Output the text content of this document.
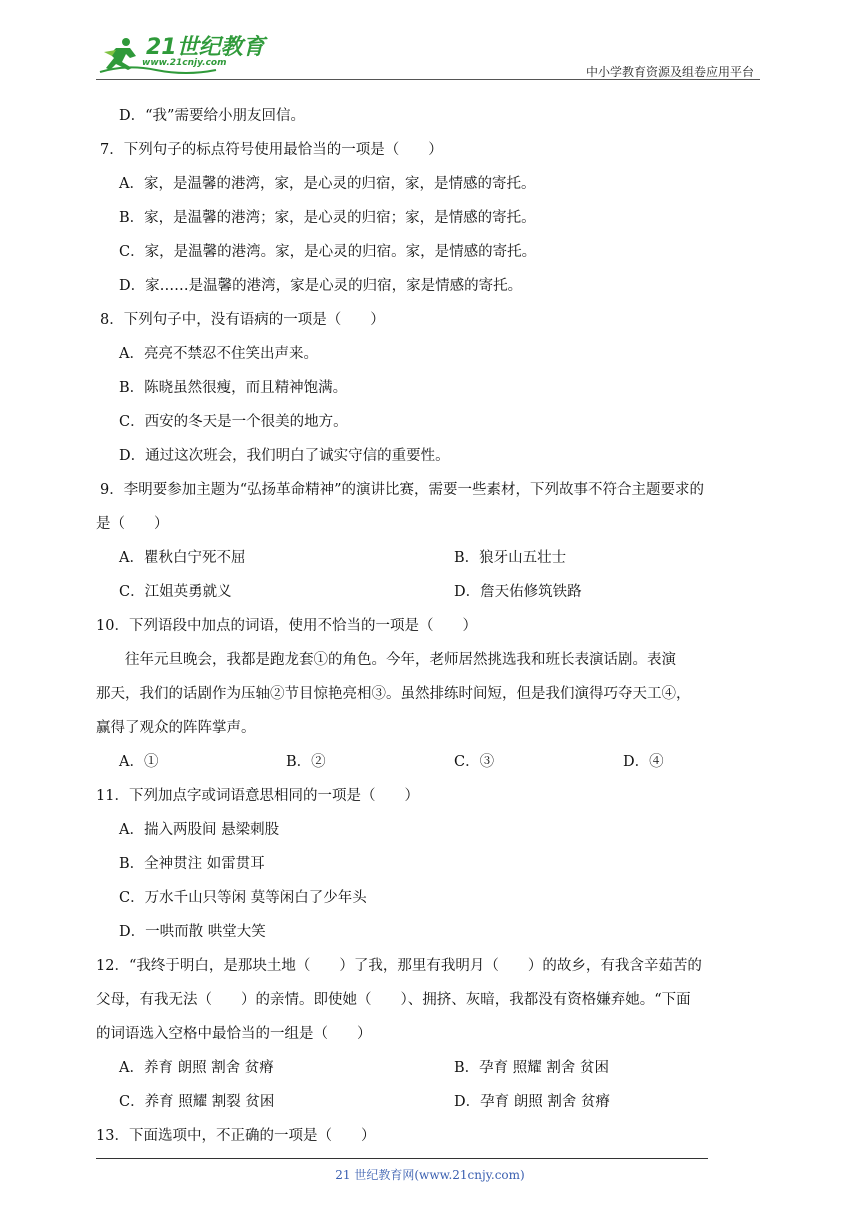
21世纪教育
www.21cnjy.com
中小学教育资源及组卷应用平台
D．“我”需要给小朋友回信。
7．下列句子的标点符号使用最恰当的一项是（　　）
A．家，是温馨的港湾，家，是心灵的归宿，家，是情感的寄托。
B．家，是温馨的港湾；家，是心灵的归宿；家，是情感的寄托。
C．家，是温馨的港湾。家，是心灵的归宿。家，是情感的寄托。
D．家……是温馨的港湾，家是心灵的归宿，家是情感的寄托。
8．下列句子中，没有语病的一项是（　　）
A．亮亮不禁忍不住笑出声来。
B．陈晓虽然很瘦，而且精神饱满。
C．西安的冬天是一个很美的地方。
D．通过这次班会，我们明白了诚实守信的重要性。
9．李明要参加主题为“弘扬革命精神”的演讲比赛，需要一些素材，下列故事不符合主题要求的
是（　　）
A．瞿秋白宁死不屈	B．狼牙山五壮士
C．江姐英勇就义	D．詹天佑修筑铁路
10．下列语段中加点的词语，使用不恰当的一项是（　　）
　　往年元旦晚会，我都是跑龙套①的角色。今年，老师居然挑选我和班长表演话剧。表演
那天，我们的话剧作为压轴②节目惊艳亮相③。虽然排练时间短，但是我们演得巧夺天工④，
赢得了观众的阵阵掌声。
A．①	B．②	C．③	D．④
11．下列加点字或词语意思相同的一项是（　　）
A．揣入两股间 悬梁刺股
B．全神贯注 如雷贯耳
C．万水千山只等闲 莫等闲白了少年头
D．一哄而散 哄堂大笑
12．“我终于明白，是那块土地（　　）了我，那里有我明月（　　）的故乡，有我含辛茹苦的
父母，有我无法（　　）的亲情。即使她（　　）、拥挤、灰暗，我都没有资格嫌弃她。“下面
的词语选入空格中最恰当的一组是（　　）
A．养育 朗照 割舍 贫瘠	B．孕育 照耀 割舍 贫困
C．养育 照耀 割裂 贫困	D．孕育 朗照 割舍 贫瘠
13．下面选项中，不正确的一项是（　　）
21 世纪教育网(www.21cnjy.com)
